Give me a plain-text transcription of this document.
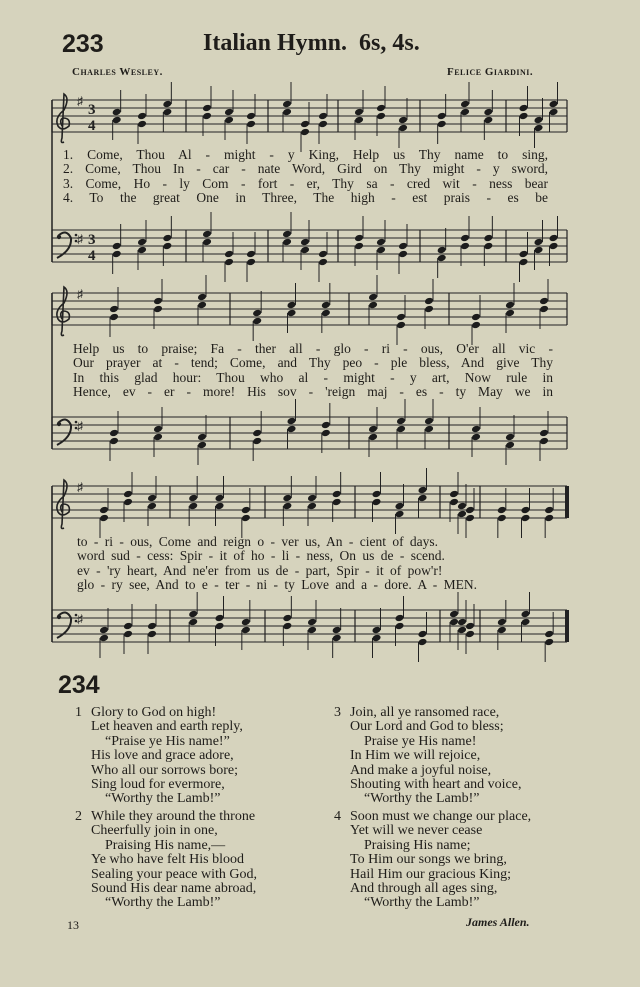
♯
3
4
♯ 3
4
♯
♯
♯
♯
233	Italian Hymn. 6s, 4s.
Charles Wesley.	Felice Giardini.
1. Come, Thou Al - might - y King, Help us Thy name to sing,
2. Come, Thou In - car - nate Word, Gird on Thy might - y sword,
3. Come, Ho - ly Com - fort - er, Thy sa - cred wit - ness bear
4. To the great One in Three, The high - est prais - es be
Help us to praise; Fa - ther all - glo - ri - ous, O'er all vic -
Our prayer at - tend; Come, and Thy peo - ple bless, And give Thy
In this glad hour: Thou who al - might - y art, Now rule in
Hence, ev - er - more! His sov - 'reign maj - es - ty May we in
to - ri - ous, Come and reign o - ver us, An - cient of days.
word sud - cess: Spir - it of ho - li - ness, On us de - scend.
ev - 'ry heart, And ne'er from us de - part, Spir - it of pow'r!
glo - ry see, And to e - ter - ni - ty Love and a - dore. A - MEN.
234
1 Glory to God on high!
Let heaven and earth reply,
“Praise ye His name!”
His love and grace adore,
Who all our sorrows bore;
Sing loud for evermore,
“Worthy the Lamb!”
2 While they around the throne
Cheerfully join in one,
Praising His name,—
Ye who have felt His blood
Sealing your peace with God,
Sound His dear name abroad,
“Worthy the Lamb!”
3 Join, all ye ransomed race,
Our Lord and God to bless;
Praise ye His name!
In Him we will rejoice,
And make a joyful noise,
Shouting with heart and voice,
“Worthy the Lamb!”
4 Soon must we change our place,
Yet will we never cease
Praising His name;
To Him our songs we bring,
Hail Him our gracious King;
And through all ages sing,
“Worthy the Lamb!”
James Allen.
13
